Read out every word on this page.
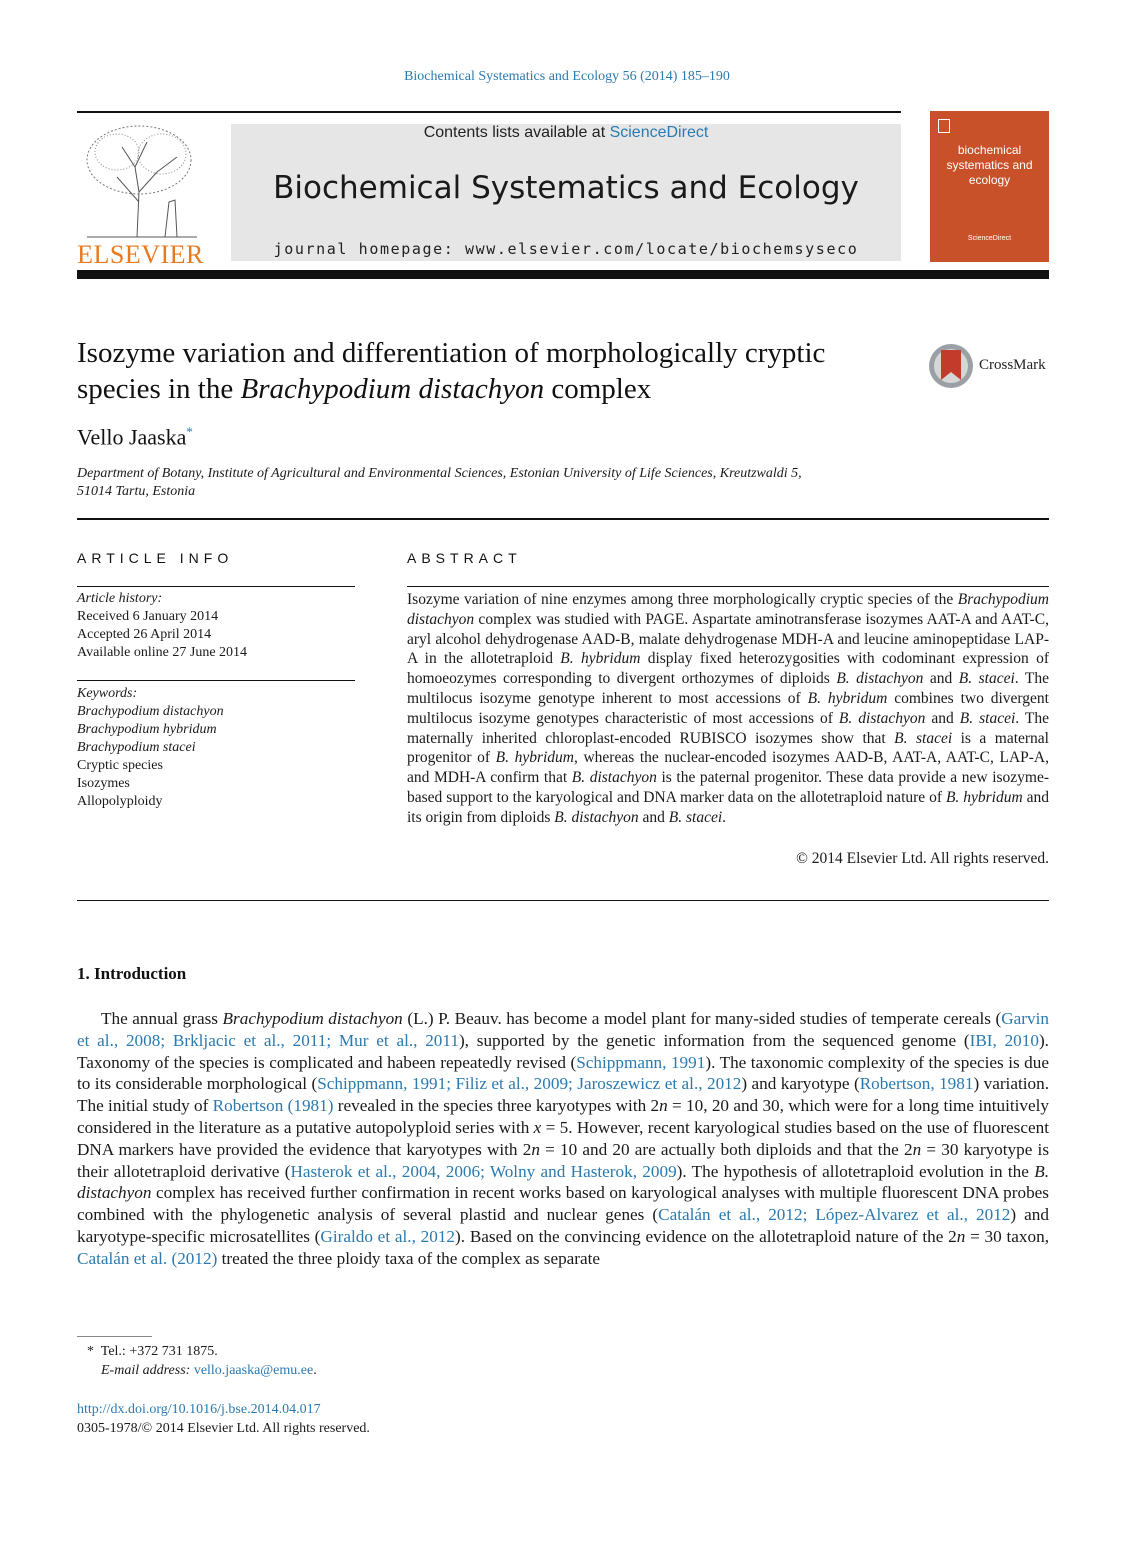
Biochemical Systematics and Ecology 56 (2014) 185–190
ELSEVIER
Contents lists available at ScienceDirect
Biochemical Systematics and Ecology
journal homepage: www.elsevier.com/locate/biochemsyseco
biochemical systematics and ecology
ScienceDirect
Isozyme variation and differentiation of morphologically cryptic species in the Brachypodium distachyon complex
CrossMark
Vello Jaaska*
Department of Botany, Institute of Agricultural and Environmental Sciences, Estonian University of Life Sciences, Kreutzwaldi 5,
51014 Tartu, Estonia
ARTICLE INFO
Article history:
Received 6 January 2014
Accepted 26 April 2014
Available online 27 June 2014
Keywords:
Brachypodium distachyon
Brachypodium hybridum
Brachypodium stacei
Cryptic species
Isozymes
Allopolyploidy
ABSTRACT
Isozyme variation of nine enzymes among three morphologically cryptic species of the Brachypodium distachyon complex was studied with PAGE. Aspartate aminotransferase isozymes AAT-A and AAT-C, aryl alcohol dehydrogenase AAD-B, malate dehydrogenase MDH-A and leucine aminopeptidase LAP-A in the allotetraploid B. hybridum display fixed heterozygosities with codominant expression of homoeozymes corresponding to divergent orthozymes of diploids B. distachyon and B. stacei. The multilocus isozyme genotype inherent to most accessions of B. hybridum combines two divergent multilocus isozyme genotypes characteristic of most accessions of B. distachyon and B. stacei. The maternally inherited chloroplast-encoded RUBISCO isozymes show that B. stacei is a maternal progenitor of B. hybridum, whereas the nuclear-encoded isozymes AAD-B, AAT-A, AAT-C, LAP-A, and MDH-A confirm that B. distachyon is the paternal progenitor. These data provide a new isozyme-based support to the karyological and DNA marker data on the allotetraploid nature of B. hybridum and its origin from diploids B. distachyon and B. stacei.
© 2014 Elsevier Ltd. All rights reserved.
1. Introduction
The annual grass Brachypodium distachyon (L.) P. Beauv. has become a model plant for many-sided studies of temperate cereals (Garvin et al., 2008; Brkljacic et al., 2011; Mur et al., 2011), supported by the genetic information from the sequenced genome (IBI, 2010). Taxonomy of the species is complicated and habeen repeatedly revised (Schippmann, 1991). The taxonomic complexity of the species is due to its considerable morphological (Schippmann, 1991; Filiz et al., 2009; Jaroszewicz et al., 2012) and karyotype (Robertson, 1981) variation. The initial study of Robertson (1981) revealed in the species three karyotypes with 2n = 10, 20 and 30, which were for a long time intuitively considered in the literature as a putative autopolyploid series with x = 5. However, recent karyological studies based on the use of fluorescent DNA markers have provided the evidence that karyotypes with 2n = 10 and 20 are actually both diploids and that the 2n = 30 karyotype is their allotetraploid derivative (Hasterok et al., 2004, 2006; Wolny and Hasterok, 2009). The hypothesis of allotetraploid evolution in the B. distachyon complex has received further confirmation in recent works based on karyological analyses with multiple fluorescent DNA probes combined with the phylogenetic analysis of several plastid and nuclear genes (Catalán et al., 2012; López-Alvarez et al., 2012) and karyotype-specific microsatellites (Giraldo et al., 2012). Based on the convincing evidence on the allotetraploid nature of the 2n = 30 taxon, Catalán et al. (2012) treated the three ploidy taxa of the complex as separate
* Tel.: +372 731 1875.
E-mail address: vello.jaaska@emu.ee.
http://dx.doi.org/10.1016/j.bse.2014.04.017
0305-1978/© 2014 Elsevier Ltd. All rights reserved.
